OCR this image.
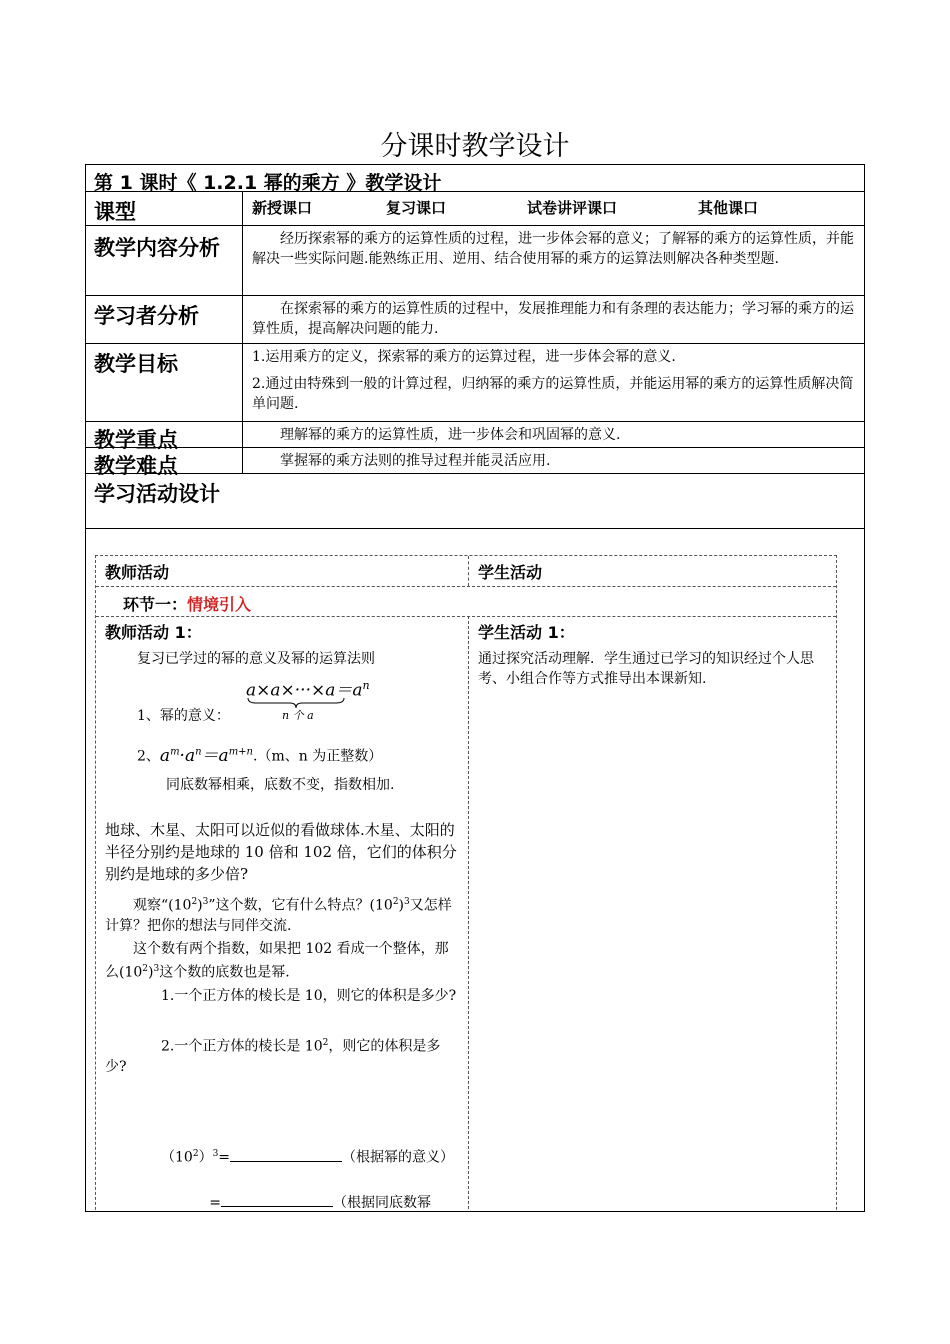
分课时教学设计
第 1 课时《 1.2.1 幂的乘方 》教学设计
课型	新授课口	复习课口	试卷讲评课口	其他课口
教学内容分析	经历探索幂的乘方的运算性质的过程，进一步体会幂的意义；了解幂的乘方的运算性质，并能解决一些实际问题.能熟练正用、逆用、结合使用幂的乘方的运算法则解决各种类型题.
学习者分析	在探索幂的乘方的运算性质的过程中，发展推理能力和有条理的表达能力；学习幂的乘方的运算性质，提高解决问题的能力.
教学目标	1.运用乘方的定义，探索幂的乘方的运算过程，进一步体会幂的意义.
2.通过由特殊到一般的计算过程，归纳幂的乘方的运算性质，并能运用幂的乘方的运算性质解决简单问题.
教学重点	理解幂的乘方的运算性质，进一步体会和巩固幂的意义.
教学难点	掌握幂的乘方法则的推导过程并能灵活应用.
学习活动设计
教师活动	学生活动
环节一：情境引入
教师活动 1：
复习已学过的幂的意义及幂的运算法则
$a\times a\times\cdot\cdot\cdot\times a=a^n$
n 个 a
1、幂的意义：
2、$a^m\cdot a^n=a^{m+n}.(m$、n 为正整数）
同底数幂相乘，底数不变，指数相加.
地球、木星、太阳可以近似的看做球体.木星、太阳的半径分别约是地球的 10 倍和 102 倍，它们的体积分别约是地球的多少倍?
观察“$(10^2)^3$”这个数，它有什么特点？$(10^2)^3$又怎样计算？把你的想法与同伴交流.
这个数有两个指数，如果把 102 看成一个整体，那么$(10^2)^3$这个数的底数也是幂.
1.一个正方体的棱长是 10，则它的体积是多少?
2.一个正方体的棱长是 $10^2$，则它的体积是多少?
$(10^2)^3=$	（根据幂的意义）
=	（根据同底数幂
学生活动 1：
通过探究活动理解．学生通过已学习的知识经过个人思考、小组合作等方式推导出本课新知.
